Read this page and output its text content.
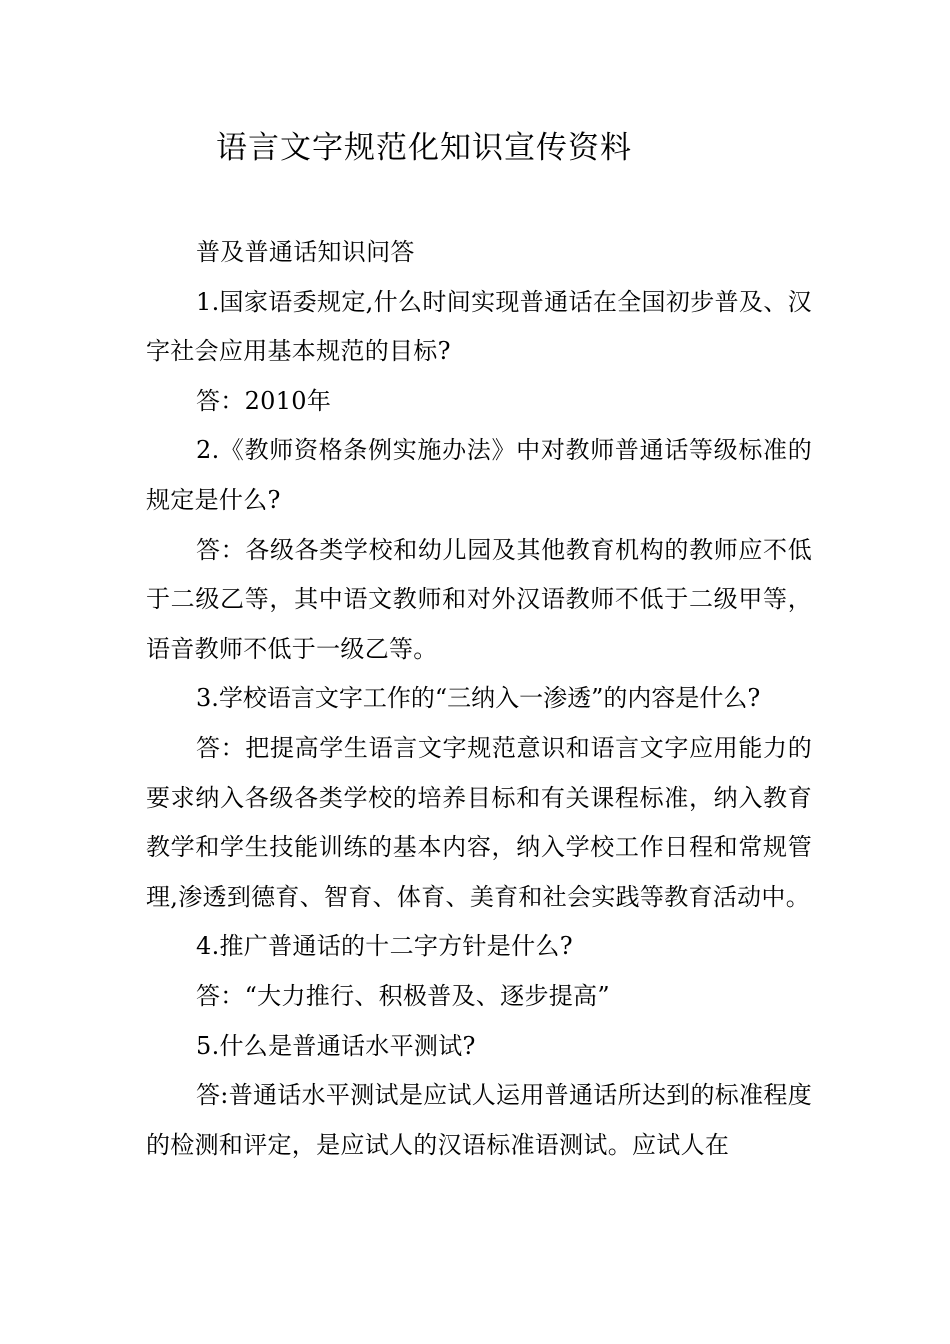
语言文字规范化知识宣传资料

普及普通话知识问答

1.国家语委规定,什么时间实现普通话在全国初步普及、汉字社会应用基本规范的目标?

答：2010年

2.《教师资格条例实施办法》中对教师普通话等级标准的规定是什么?

答：各级各类学校和幼儿园及其他教育机构的教师应不低于二级乙等，其中语文教师和对外汉语教师不低于二级甲等，语音教师不低于一级乙等。

3.学校语言文字工作的“三纳入一渗透”的内容是什么?

答：把提高学生语言文字规范意识和语言文字应用能力的要求纳入各级各类学校的培养目标和有关课程标准，纳入教育教学和学生技能训练的基本内容，纳入学校工作日程和常规管理,渗透到德育、智育、体育、美育和社会实践等教育活动中。

4.推广普通话的十二字方针是什么?

答：“大力推行、积极普及、逐步提高”

5.什么是普通话水平测试?

答:普通话水平测试是应试人运用普通话所达到的标准程度的检测和评定，是应试人的汉语标准语测试。应试人在
